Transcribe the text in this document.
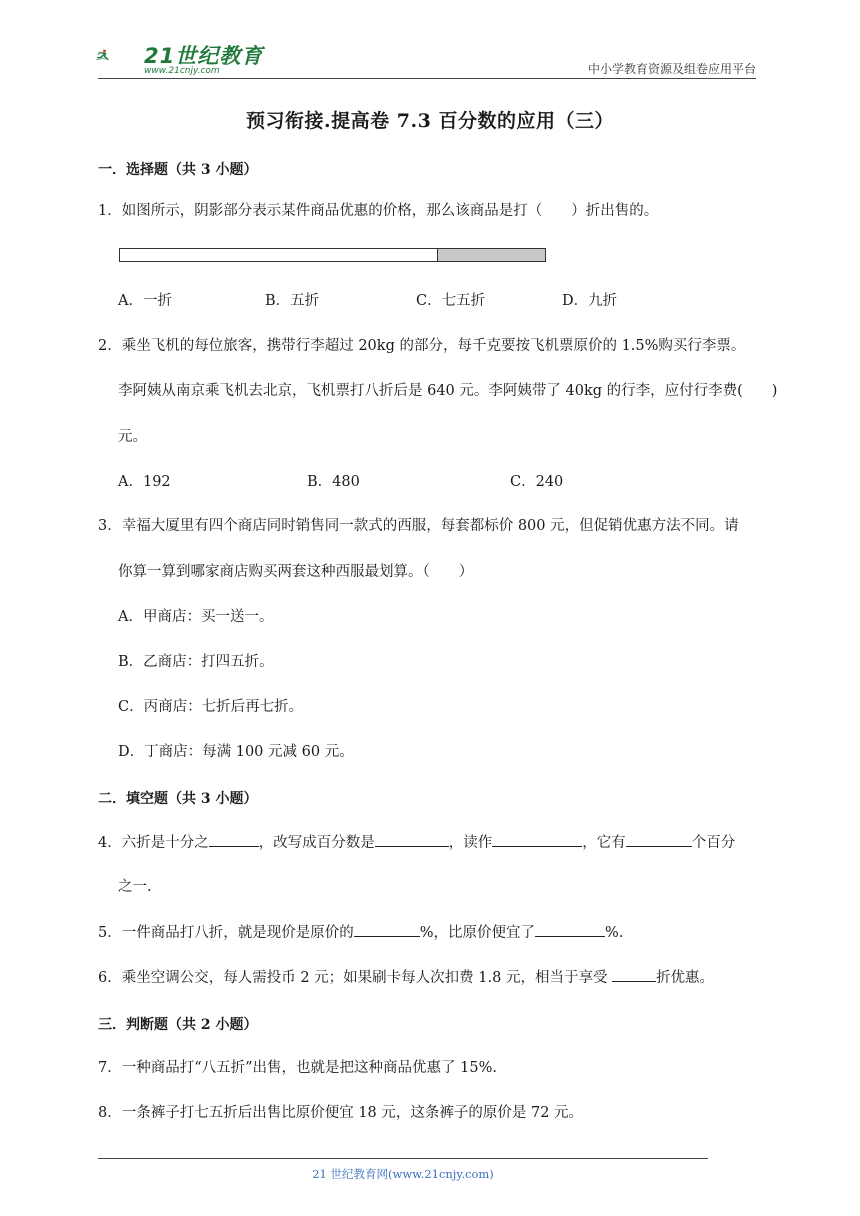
21世纪教育
www.21cnjy.com	中小学教育资源及组卷应用平台
预习衔接.提高卷 7.3 百分数的应用（三）
一．选择题（共 3 小题）
1．如图所示，阴影部分表示某件商品优惠的价格，那么该商品是打（　　）折出售的。
A．一折	B．五折	C．七五折	D．九折
2．乘坐飞机的每位旅客，携带行李超过 20kg 的部分，每千克要按飞机票原价的 1.5%购买行李票。
李阿姨从南京乘飞机去北京，飞机票打八折后是 640 元。李阿姨带了 40kg 的行李，应付行李费(　　)
元。
A．192	B．480	C．240
3．幸福大厦里有四个商店同时销售同一款式的西服，每套都标价 800 元，但促销优惠方法不同。请
你算一算到哪家商店购买两套这种西服最划算。（　　）
A．甲商店：买一送一。
B．乙商店：打四五折。
C．丙商店：七折后再七折。
D．丁商店：每满 100 元减 60 元。
二．填空题（共 3 小题）
4．六折是十分之	，改写成百分数是	，读作	，它有	个百分
之一.
5．一件商品打八折，就是现价是原价的	%，比原价便宜了	%.
6．乘坐空调公交，每人需投币 2 元；如果刷卡每人次扣费 1.8 元，相当于享受	折优惠。
三．判断题（共 2 小题）
7．一种商品打“八五折”出售，也就是把这种商品优惠了 15%.
8．一条裤子打七五折后出售比原价便宜 18 元，这条裤子的原价是 72 元。
21 世纪教育网(www.21cnjy.com)
